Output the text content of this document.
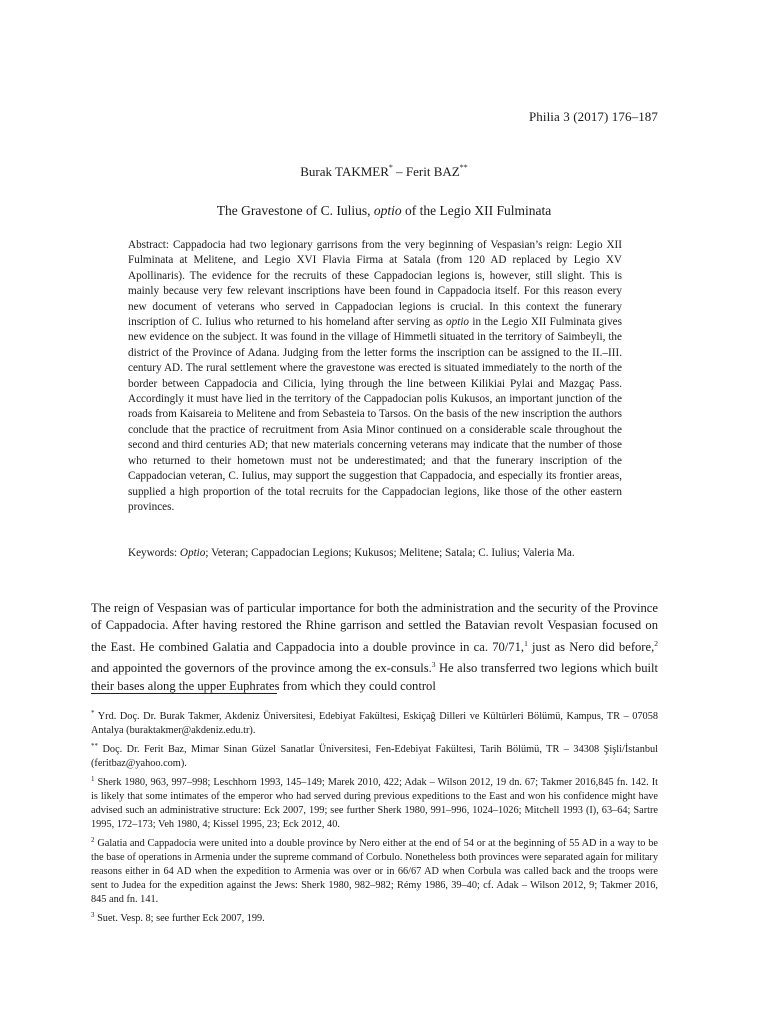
Philia 3 (2017) 176–187
Burak TAKMER* – Ferit BAZ**
The Gravestone of C. Iulius, optio of the Legio XII Fulminata
Abstract: Cappadocia had two legionary garrisons from the very beginning of Vespasian’s reign: Legio XII Fulminata at Melitene, and Legio XVI Flavia Firma at Satala (from 120 AD replaced by Legio XV Apollinaris). The evidence for the recruits of these Cappadocian legions is, however, still slight. This is mainly because very few relevant inscriptions have been found in Cappadocia itself. For this reason every new document of veterans who served in Cappadocian legions is crucial. In this context the funerary inscription of C. Iulius who returned to his homeland after serving as optio in the Legio XII Fulminata gives new evidence on the subject. It was found in the village of Himmetli situated in the territory of Saimbeyli, the district of the Province of Adana. Judging from the letter forms the inscription can be assigned to the II.–III. century AD. The rural settlement where the gravestone was erected is situated immediately to the north of the border between Cappadocia and Cilicia, lying through the line between Kilikiai Pylai and Mazgaç Pass. Accordingly it must have lied in the territory of the Cappadocian polis Kukusos, an important junction of the roads from Kaisareia to Melitene and from Sebasteia to Tarsos. On the basis of the new inscription the authors conclude that the practice of recruitment from Asia Minor continued on a considerable scale throughout the second and third centuries AD; that new materials concerning veterans may indicate that the number of those who returned to their hometown must not be underestimated; and that the funerary inscription of the Cappadocian veteran, C. Iulius, may support the suggestion that Cappadocia, and especially its frontier areas, supplied a high proportion of the total recruits for the Cappadocian legions, like those of the other eastern provinces.
Keywords: Optio; Veteran; Cappadocian Legions; Kukusos; Melitene; Satala; C. Iulius; Valeria Ma.
The reign of Vespasian was of particular importance for both the administration and the security of the Province of Cappadocia. After having restored the Rhine garrison and settled the Batavian revolt Vespasian focused on the East. He combined Galatia and Cappadocia into a double province in ca. 70/71,$^1$ just as Nero did before,$^2$ and appointed the governors of the province among the ex-consuls.$^3$ He also transferred two legions which built their bases along the upper Euphrates from which they could control

* Yrd. Doç. Dr. Burak Takmer, Akdeniz Üniversitesi, Edebiyat Fakültesi, Eskiçağ Dilleri ve Kültürleri Bölümü, Kampus, TR – 07058 Antalya (buraktakmer@akdeniz.edu.tr).

** Doç. Dr. Ferit Baz, Mimar Sinan Güzel Sanatlar Üniversitesi, Fen-Edebiyat Fakültesi, Tarih Bölümü, TR – 34308 Şişli/İstanbul (feritbaz@yahoo.com).

$^1$ Sherk 1980, 963, 997–998; Leschhorn 1993, 145–149; Marek 2010, 422; Adak – Wilson 2012, 19 dn. 67; Takmer 2016,845 fn. 142. It is likely that some intimates of the emperor who had served during previous expeditions to the East and won his confidence might have advised such an administrative structure: Eck 2007, 199; see further Sherk 1980, 991–996, 1024–1026; Mitchell 1993 (I), 63–64; Sartre 1995, 172–173; Veh 1980, 4; Kissel 1995, 23; Eck 2012, 40.

$^2$ Galatia and Cappadocia were united into a double province by Nero either at the end of 54 or at the beginning of 55 AD in a way to be the base of operations in Armenia under the supreme command of Corbulo. Nonetheless both provinces were separated again for military reasons either in 64 AD when the expedition to Armenia was over or in 66/67 AD when Corbula was called back and the troops were sent to Judea for the expedition against the Jews: Sherk 1980, 982–982; Rémy 1986, 39–40; cf. Adak – Wilson 2012, 9; Takmer 2016, 845 and fn. 141.

$^3$ Suet. Vesp. 8; see further Eck 2007, 199.
